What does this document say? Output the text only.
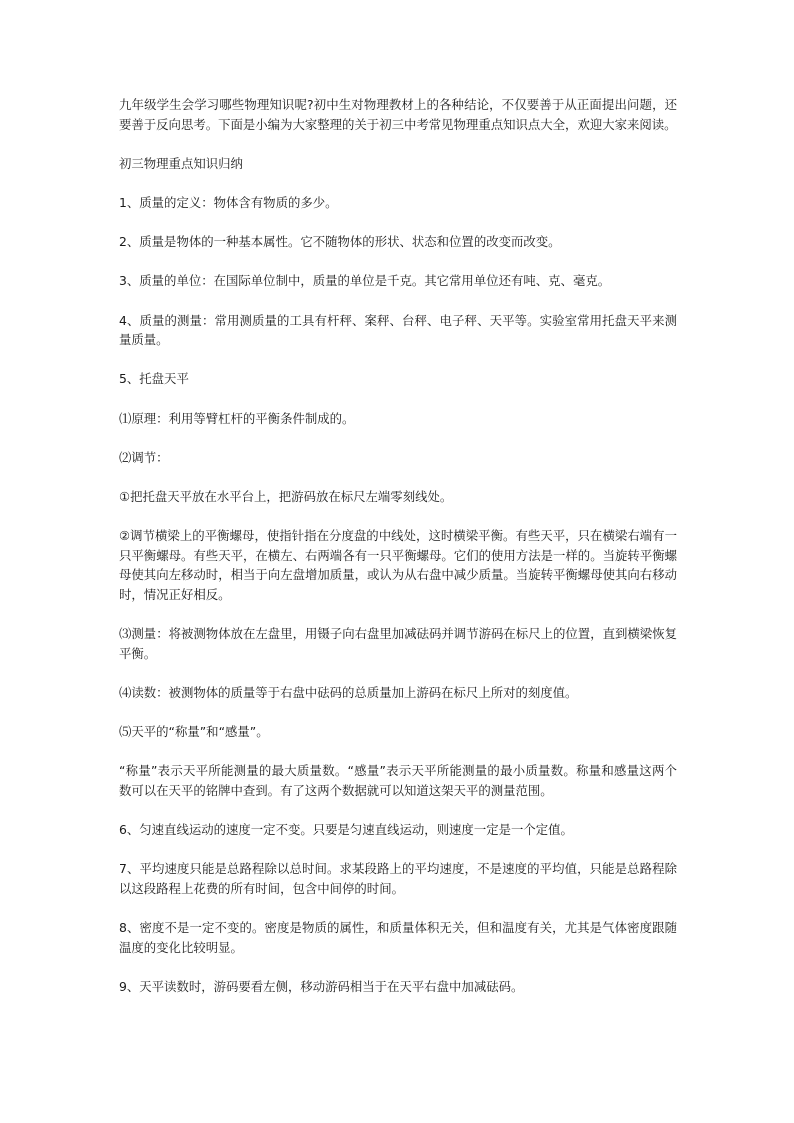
九年级学生会学习哪些物理知识呢?初中生对物理教材上的各种结论，不仅要善于从正面提出问题，还要善于反向思考。下面是小编为大家整理的关于初三中考常见物理重点知识点大全，欢迎大家来阅读。

初三物理重点知识归纳

1、质量的定义：物体含有物质的多少。

2、质量是物体的一种基本属性。它不随物体的形状、状态和位置的改变而改变。

3、质量的单位：在国际单位制中，质量的单位是千克。其它常用单位还有吨、克、毫克。

4、质量的测量：常用测质量的工具有杆秤、案秤、台秤、电子秤、天平等。实验室常用托盘天平来测量质量。

5、托盘天平

⑴原理：利用等臂杠杆的平衡条件制成的。

⑵调节：

①把托盘天平放在水平台上，把游码放在标尺左端零刻线处。

②调节横梁上的平衡螺母，使指针指在分度盘的中线处，这时横梁平衡。有些天平，只在横梁右端有一只平衡螺母。有些天平，在横左、右两端各有一只平衡螺母。它们的使用方法是一样的。当旋转平衡螺母使其向左移动时，相当于向左盘增加质量，或认为从右盘中减少质量。当旋转平衡螺母使其向右移动时，情况正好相反。

⑶测量：将被测物体放在左盘里，用镊子向右盘里加减砝码并调节游码在标尺上的位置，直到横梁恢复平衡。

⑷读数：被测物体的质量等于右盘中砝码的总质量加上游码在标尺上所对的刻度值。

⑸天平的“称量”和“感量”。

“称量”表示天平所能测量的最大质量数。“感量”表示天平所能测量的最小质量数。称量和感量这两个数可以在天平的铭牌中查到。有了这两个数据就可以知道这架天平的测量范围。

6、匀速直线运动的速度一定不变。只要是匀速直线运动，则速度一定是一个定值。

7、平均速度只能是总路程除以总时间。求某段路上的平均速度，不是速度的平均值，只能是总路程除以这段路程上花费的所有时间，包含中间停的时间。

8、密度不是一定不变的。密度是物质的属性，和质量体积无关，但和温度有关，尤其是气体密度跟随温度的变化比较明显。

9、天平读数时，游码要看左侧，移动游码相当于在天平右盘中加减砝码。
